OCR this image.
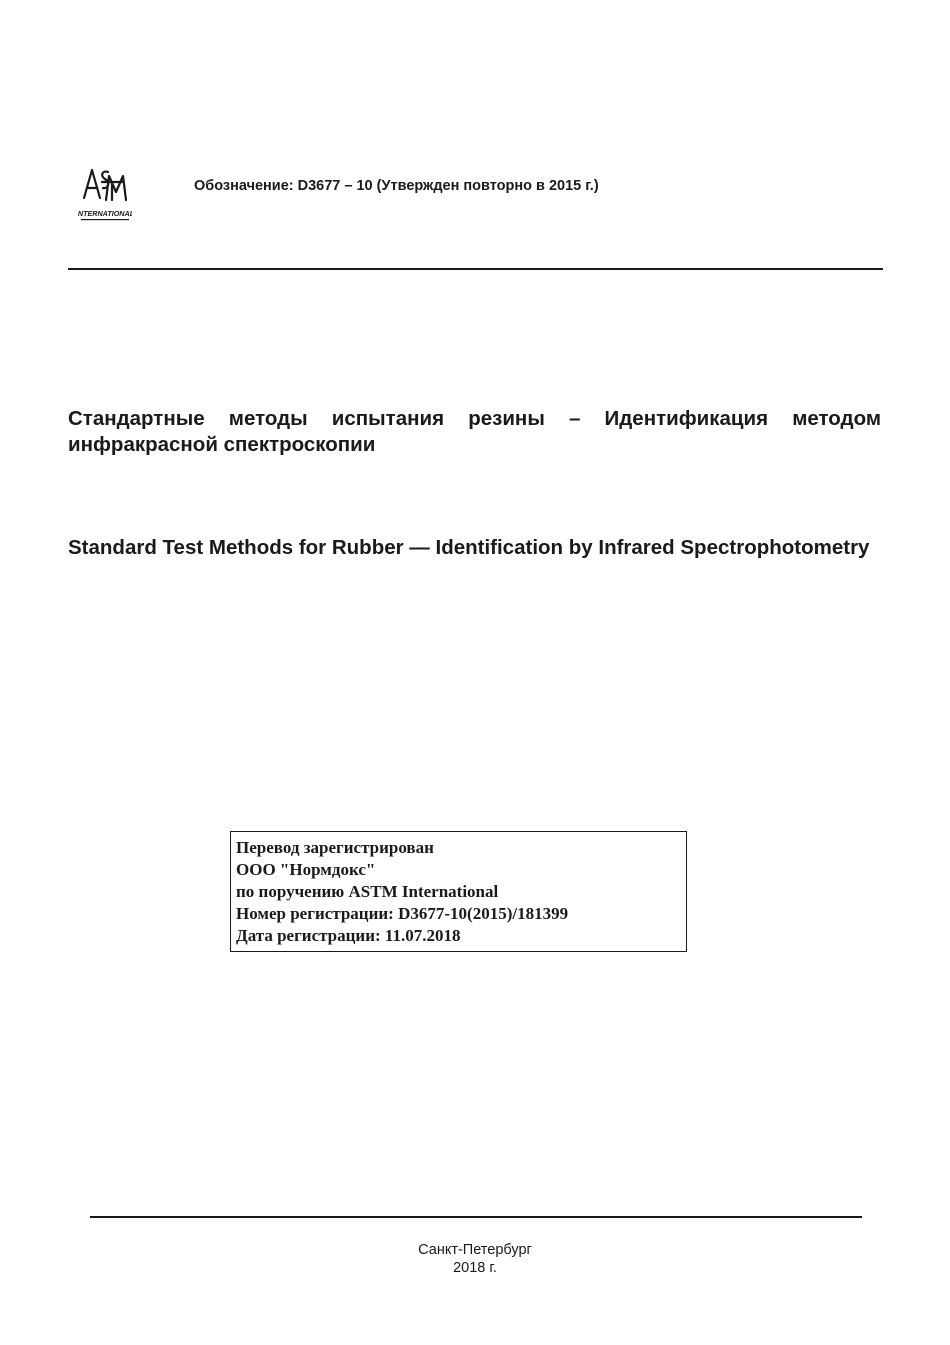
INTERNATIONAL
Обозначение: D3677 – 10 (Утвержден повторно в 2015 г.)
Стандартные методы испытания резины – Идентификация методом инфракрасной спектроскопии
Standard Test Methods for Rubber — Identification by Infrared Spectrophotometry
Перевод зарегистрирован
ООО "Нормдокс"
по поручению ASTM International
Номер регистрации: D3677-10(2015)/181399
Дата регистрации: 11.07.2018
Санкт-Петербург
2018 г.
